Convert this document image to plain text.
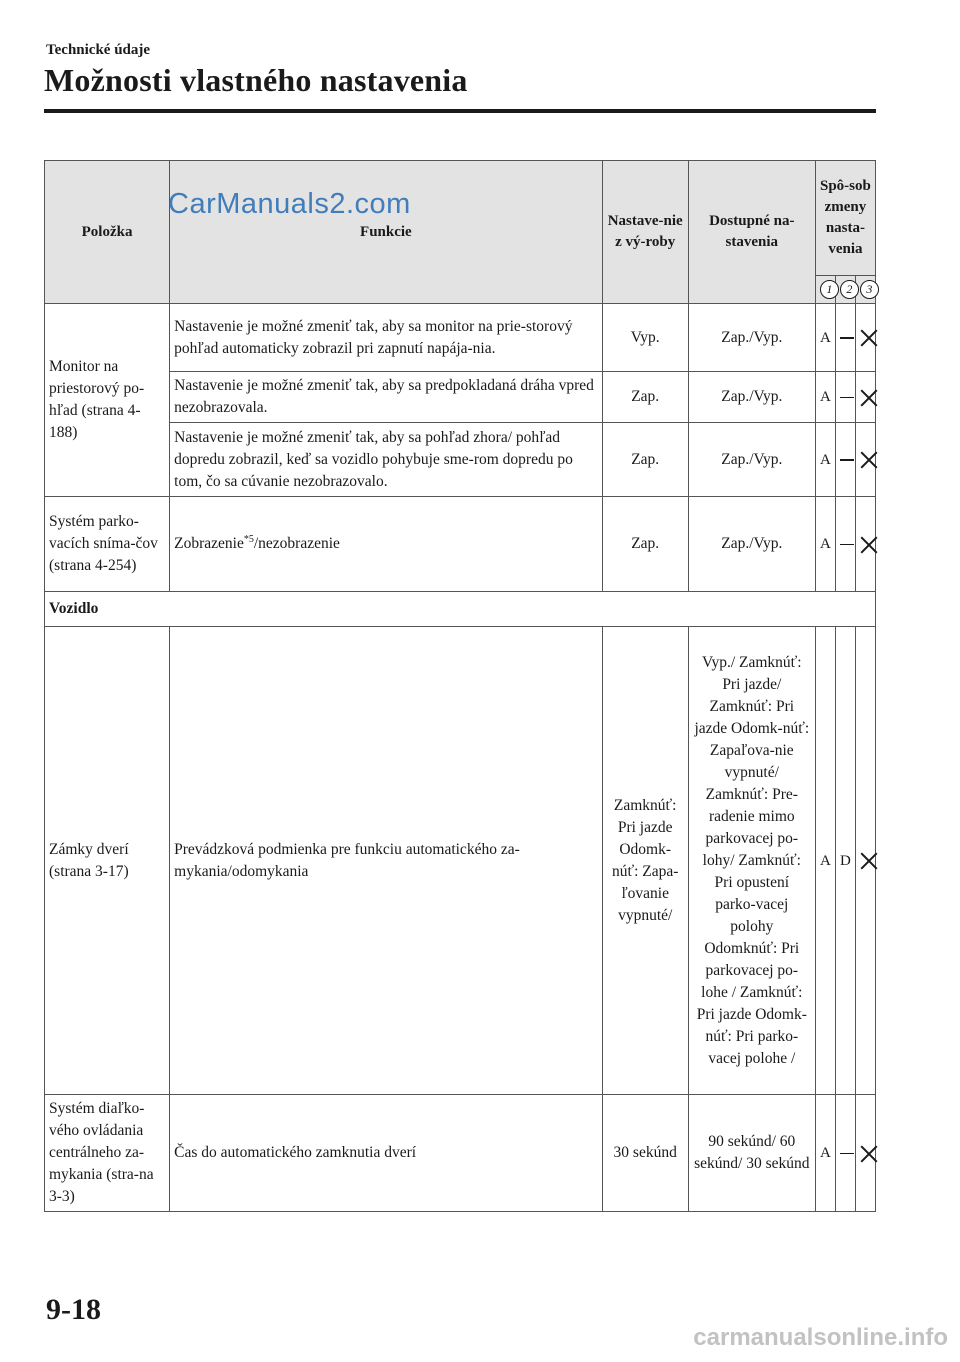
Technické údaje
Možnosti vlastného nastavenia
Položka	Funkcie	Nastave-nie z vý-roby	Dostupné na-stavenia	Spô-sob zmeny nasta-venia		
				1	2	3
Monitor na priestorový po-hľad (strana 4-188)	Nastavenie je možné zmeniť tak, aby sa monitor na prie-storový pohľad automaticky zobrazil pri zapnutí napája-nia.	Vyp.	Zap./Vyp.	A		
	Nastavenie je možné zmeniť tak, aby sa predpokladaná dráha vpred nezobrazovala.	Zap.	Zap./Vyp.	A		
	Nastavenie je možné zmeniť tak, aby sa pohľad zhora/ pohľad dopredu zobrazil, keď sa vozidlo pohybuje sme-rom dopredu po tom, čo sa cúvanie nezobrazovalo.	Zap.	Zap./Vyp.	A		
Systém parko-vacích sníma-čov (strana 4-254)	Zobrazenie$^{*5}$/nezobrazenie	Zap.	Zap./Vyp.	A		
Vozidlo						
Zámky dverí (strana 3-17)	Prevádzková podmienka pre funkciu automatického za-mykania/odomykania	Zamknúť: Pri jazde Odomk-núť: Zapa-ľovanie vypnuté/	Vyp./ Zamknúť: Pri jazde/ Zamknúť: Pri jazde Odomk-núť: Zapaľova-nie vypnuté/ Zamknúť: Pre-radenie mimo parkovacej po-lohy/ Zamknúť: Pri opustení parko-vacej polohy Odomknúť: Pri parkovacej po-lohe / Zamknúť: Pri jazde Odomk-núť: Pri parko-vacej polohe /	A	D	
Systém diaľko-vého ovládania centrálneho za-mykania (stra-na 3-3)	Čas do automatického zamknutia dverí	30 sekúnd	90 sekúnd/ 60 sekúnd/ 30 sekúnd	A		
CarManuals2.com
9-18
carmanualsonline.info
